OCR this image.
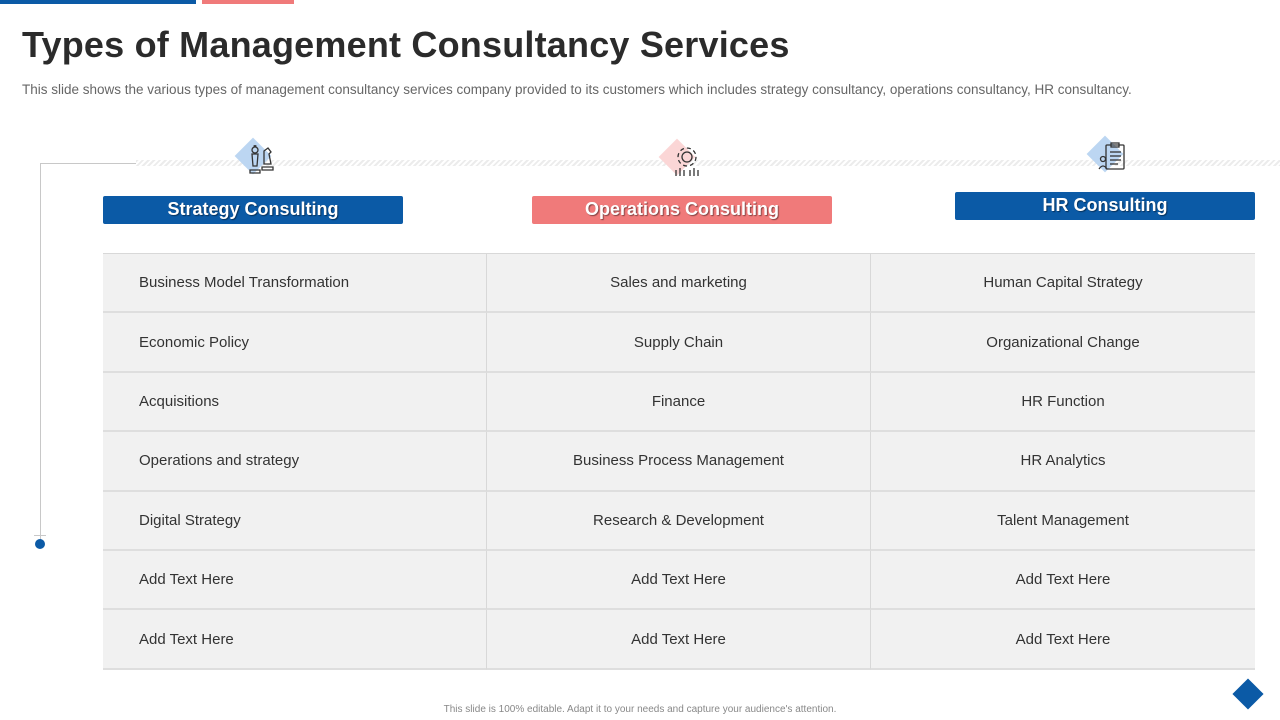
Types of Management Consultancy Services

This slide shows the various types of management consultancy services company provided to its customers which includes strategy consultancy, operations consultancy, HR consultancy.

Strategy Consulting	Operations Consulting	HR Consulting
Business Model Transformation	Sales and marketing	Human Capital Strategy
Economic Policy	Supply Chain	Organizational Change
Acquisitions	Finance	HR Function
Operations and strategy	Business Process Management	HR Analytics
Digital Strategy	Research & Development	Talent Management
Add Text Here	Add Text Here	Add Text Here
Add Text Here	Add Text Here	Add Text Here

This slide is 100% editable. Adapt it to your needs and capture your audience's attention.
